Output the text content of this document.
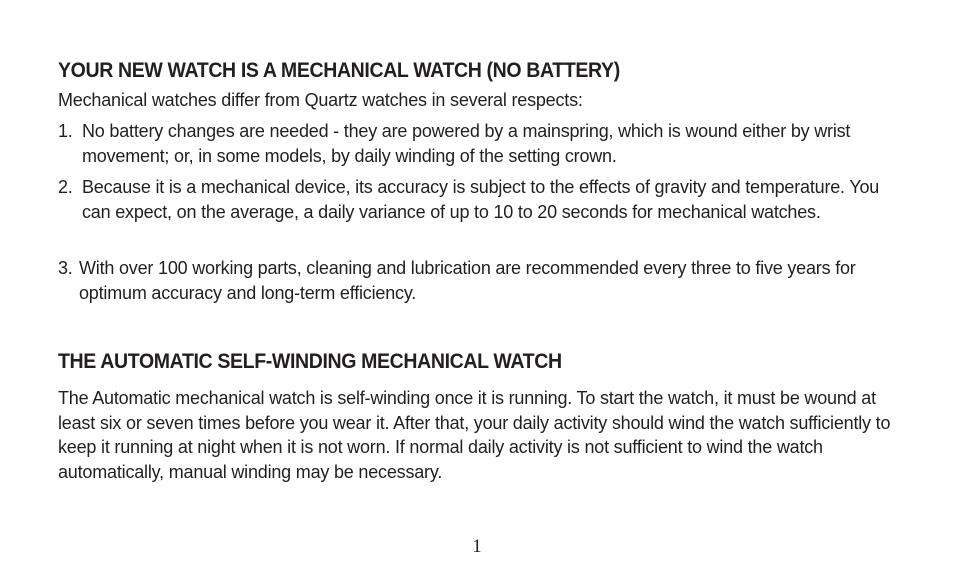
YOUR NEW WATCH IS A MECHANICAL WATCH (NO BATTERY)

Mechanical watches differ from Quartz watches in several respects:

1. No battery changes are needed - they are powered by a mainspring, which is wound either by wrist movement; or, in some models, by daily winding of the setting crown.
2. Because it is a mechanical device, its accuracy is subject to the effects of gravity and temperature. You can expect, on the average, a daily variance of up to 10 to 20 seconds for mechanical watches.
3. With over 100 working parts, cleaning and lubrication are recommended every three to five years for optimum accuracy and long-term efficiency.
THE AUTOMATIC SELF-WINDING MECHANICAL WATCH

The Automatic mechanical watch is self-winding once it is running. To start the watch, it must be wound at least six or seven times before you wear it. After that, your daily activity should wind the watch sufficiently to keep it running at night when it is not worn. If normal daily activity is not sufficient to wind the watch automatically, manual winding may be necessary.

1
